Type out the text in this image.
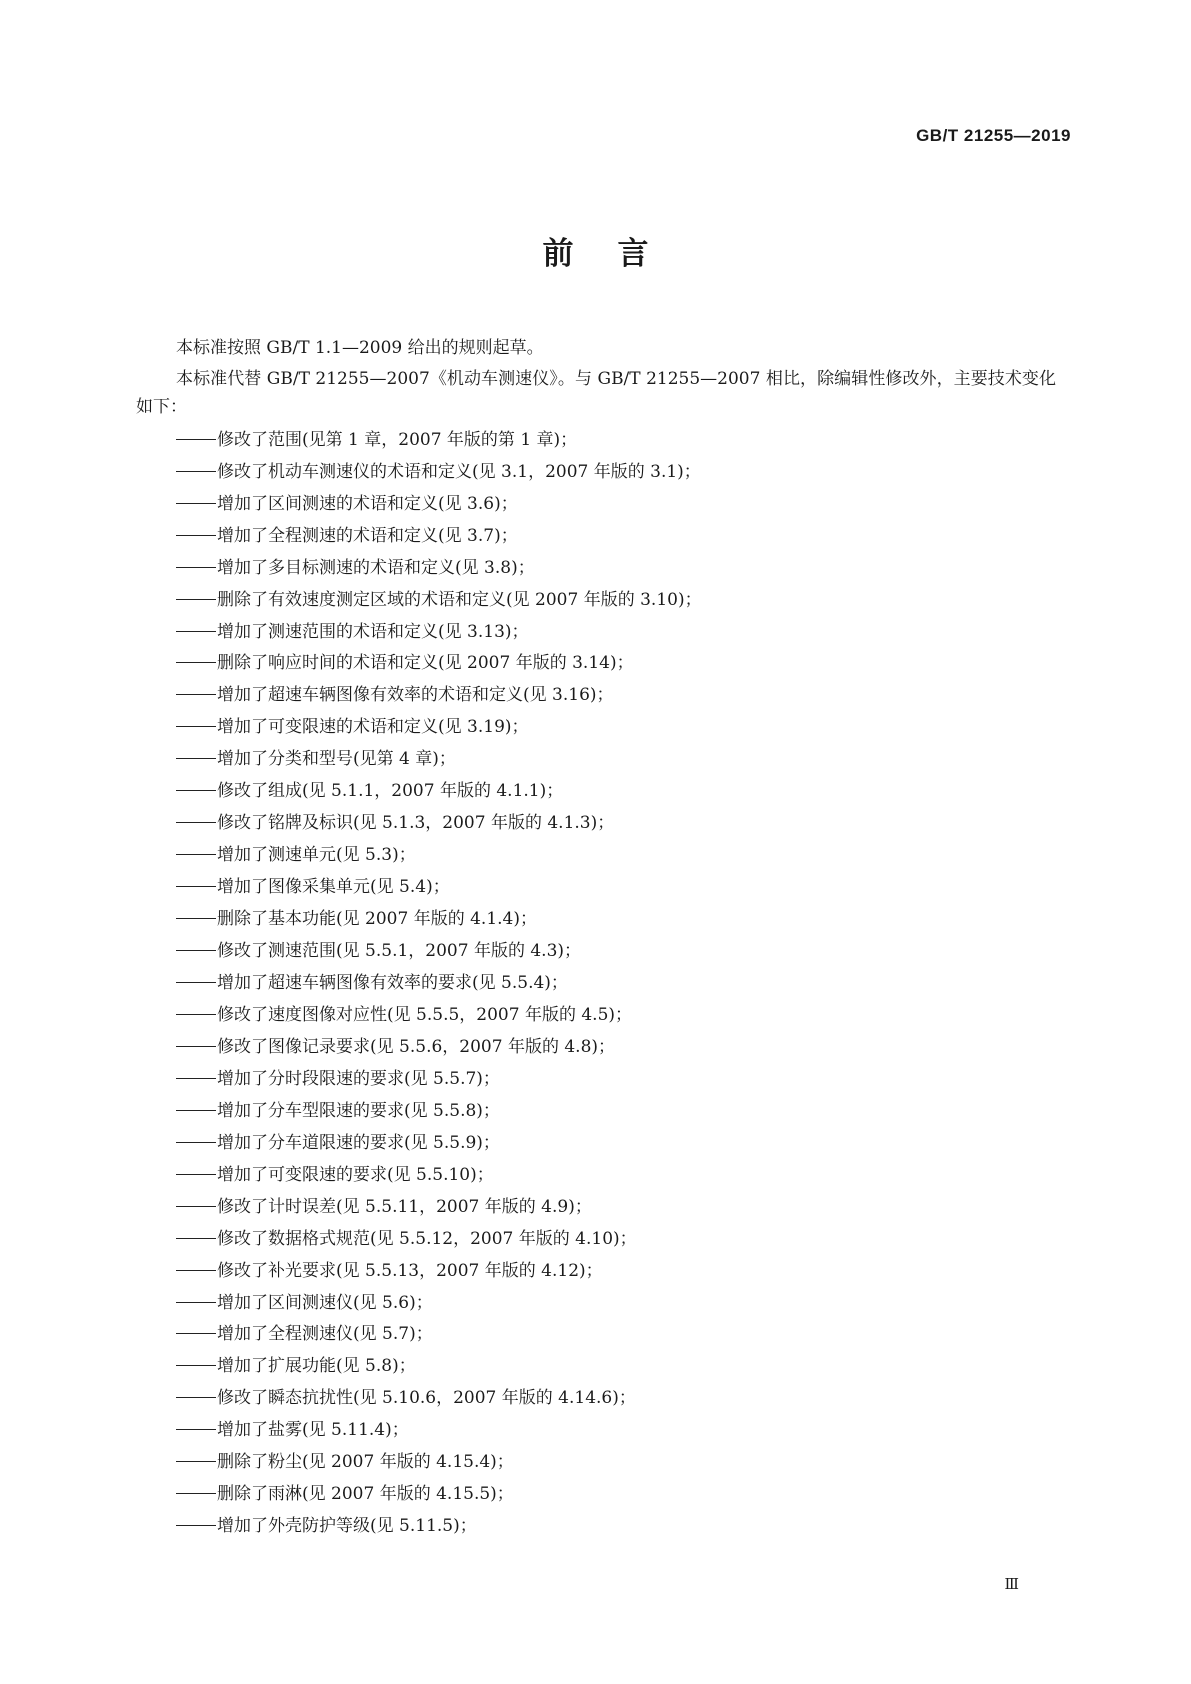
GB/T 21255—2019
前言

本标准按照 GB/T 1.1—2009 给出的规则起草。

本标准代替 GB/T 21255—2007《机动车测速仪》。与 GB/T 21255—2007 相比，除编辑性修改外，主要技术变化如下：

修改了范围(见第 1 章，2007 年版的第 1 章)；
修改了机动车测速仪的术语和定义(见 3.1，2007 年版的 3.1)；
增加了区间测速的术语和定义(见 3.6)；
增加了全程测速的术语和定义(见 3.7)；
增加了多目标测速的术语和定义(见 3.8)；
删除了有效速度测定区域的术语和定义(见 2007 年版的 3.10)；
增加了测速范围的术语和定义(见 3.13)；
删除了响应时间的术语和定义(见 2007 年版的 3.14)；
增加了超速车辆图像有效率的术语和定义(见 3.16)；
增加了可变限速的术语和定义(见 3.19)；
增加了分类和型号(见第 4 章)；
修改了组成(见 5.1.1，2007 年版的 4.1.1)；
修改了铭牌及标识(见 5.1.3，2007 年版的 4.1.3)；
增加了测速单元(见 5.3)；
增加了图像采集单元(见 5.4)；
删除了基本功能(见 2007 年版的 4.1.4)；
修改了测速范围(见 5.5.1，2007 年版的 4.3)；
增加了超速车辆图像有效率的要求(见 5.5.4)；
修改了速度图像对应性(见 5.5.5，2007 年版的 4.5)；
修改了图像记录要求(见 5.5.6，2007 年版的 4.8)；
增加了分时段限速的要求(见 5.5.7)；
增加了分车型限速的要求(见 5.5.8)；
增加了分车道限速的要求(见 5.5.9)；
增加了可变限速的要求(见 5.5.10)；
修改了计时误差(见 5.5.11，2007 年版的 4.9)；
修改了数据格式规范(见 5.5.12，2007 年版的 4.10)；
修改了补光要求(见 5.5.13，2007 年版的 4.12)；
增加了区间测速仪(见 5.6)；
增加了全程测速仪(见 5.7)；
增加了扩展功能(见 5.8)；
修改了瞬态抗扰性(见 5.10.6，2007 年版的 4.14.6)；
增加了盐雾(见 5.11.4)；
删除了粉尘(见 2007 年版的 4.15.4)；
删除了雨淋(见 2007 年版的 4.15.5)；
增加了外壳防护等级(见 5.11.5)；
Ⅲ
